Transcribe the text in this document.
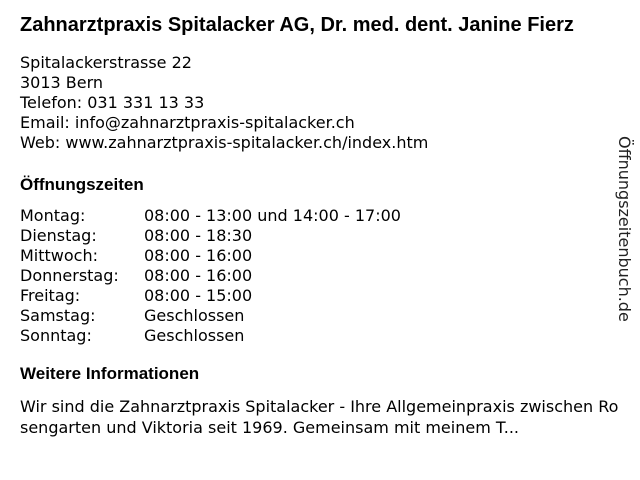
Zahnarztpraxis Spitalacker AG, Dr. med. dent. Janine Fierz
Spitalackerstrasse 22
3013 Bern
Telefon: 031 331 13 33
Email: info@zahnarztpraxis-spitalacker.ch
Web: www.zahnarztpraxis-spitalacker.ch/index.htm
Öffnungszeiten
Montag:	08:00 - 13:00 und 14:00 - 17:00
Dienstag:	08:00 - 18:30
Mittwoch:	08:00 - 16:00
Donnerstag:	08:00 - 16:00
Freitag:	08:00 - 15:00
Samstag:	Geschlossen
Sonntag:	Geschlossen
Weitere Informationen
Wir sind die Zahnarztpraxis Spitalacker - Ihre Allgemeinpraxis zwischen Rosengarten und Viktoria seit 1969. Gemeinsam mit meinem T...
Öffnungszeitenbuch.de
